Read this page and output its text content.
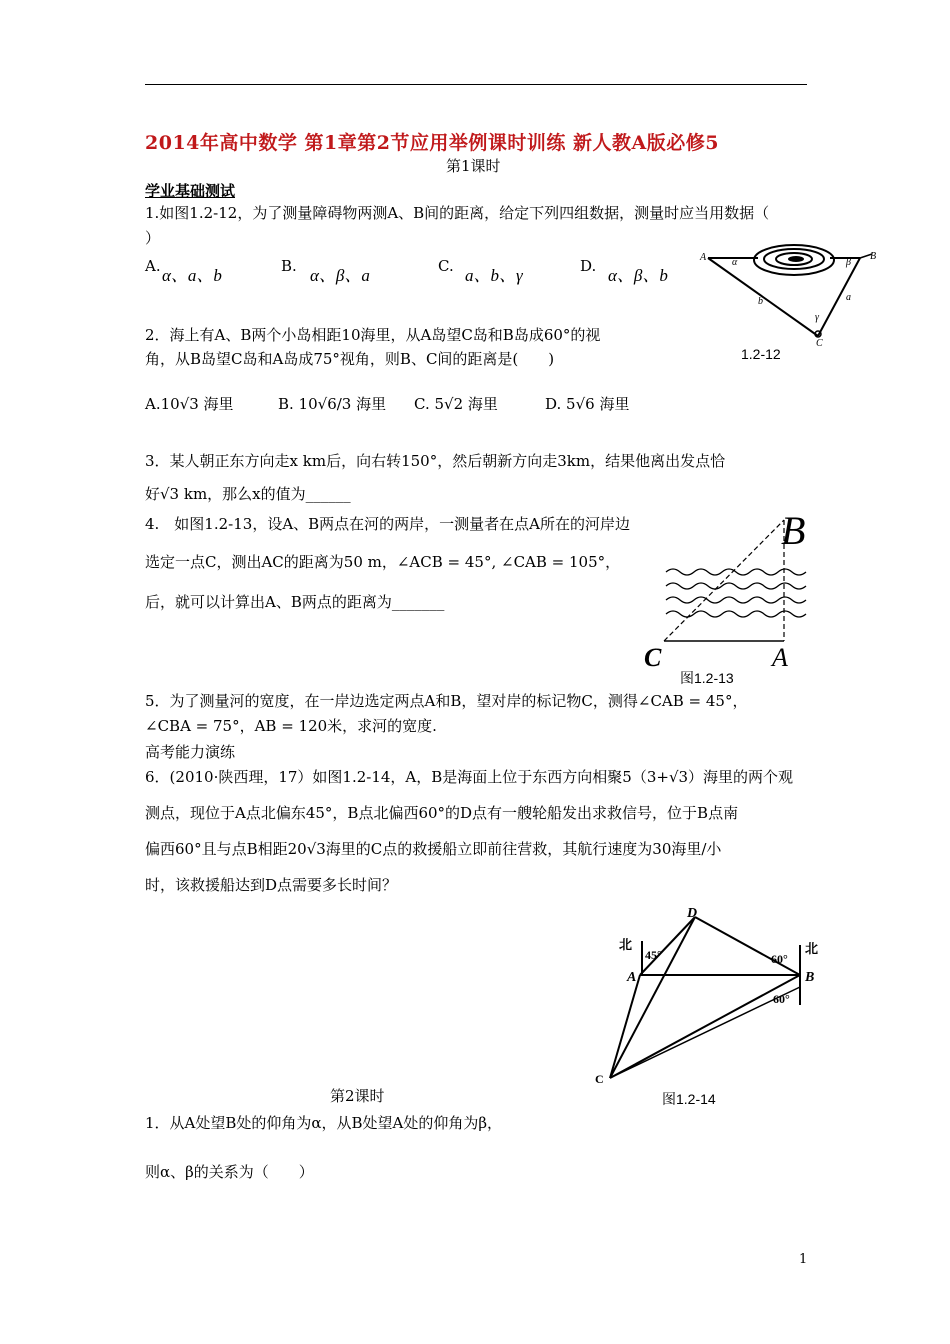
2014年高中数学 第1章第2节应用举例课时训练 新人教A版必修5
第1课时
学业基础测试
1.如图1.2-12，为了测量障碍物两测A、B间的距离，给定下列四组数据，测量时应当用数据（
）
A. α、a、b	B. α、β、a	C. a、b、γ	D. α、β、b
A	B
C
α	β
γ
a
b
1.2-12
2．海上有A、B两个小岛相距10海里，从A岛望C岛和B岛成60°的视
角，从B岛望C岛和A岛成75°视角，则B、C间的距离是(　　)
A.10√3 海里	B. 10√6/3 海里 C. 5√2 海里	D. 5√6 海里
3．某人朝正东方向走x km后，向右转150°，然后朝新方向走3km，结果他离出发点恰
好√3 km，那么x的值为______
B
C	A
4.　如图1.2-13，设A、B两点在河的两岸，一测量者在点A所在的河岸边
选定一点C，测出AC的距离为50 m，∠ACB = 45°, ∠CAB = 105°，
后，就可以计算出A、B两点的距离为_______
图1.2-13
5．为了测量河的宽度，在一岸边选定两点A和B，望对岸的标记物C，测得∠CAB = 45°，
∠CBA = 75°，AB = 120米，求河的宽度.
高考能力演练
6．(2010·陕西理，17）如图1.2-14，A，B是海面上位于东西方向相聚5（3+√3）海里的两个观
测点，现位于A点北偏东45°，B点北偏西60°的D点有一艘轮船发出求救信号，位于B点南
偏西60°且与点B相距20√3海里的C点的救援船立即前往营救，其航行速度为30海里/小
时，该救援船达到D点需要多长时间？
D
北
45°
A
60°
北
B
60°
C
图1.2-14
第2课时
1．从A处望B处的仰角为α，从B处望A处的仰角为β，
则α、β的关系为（　　）
1
